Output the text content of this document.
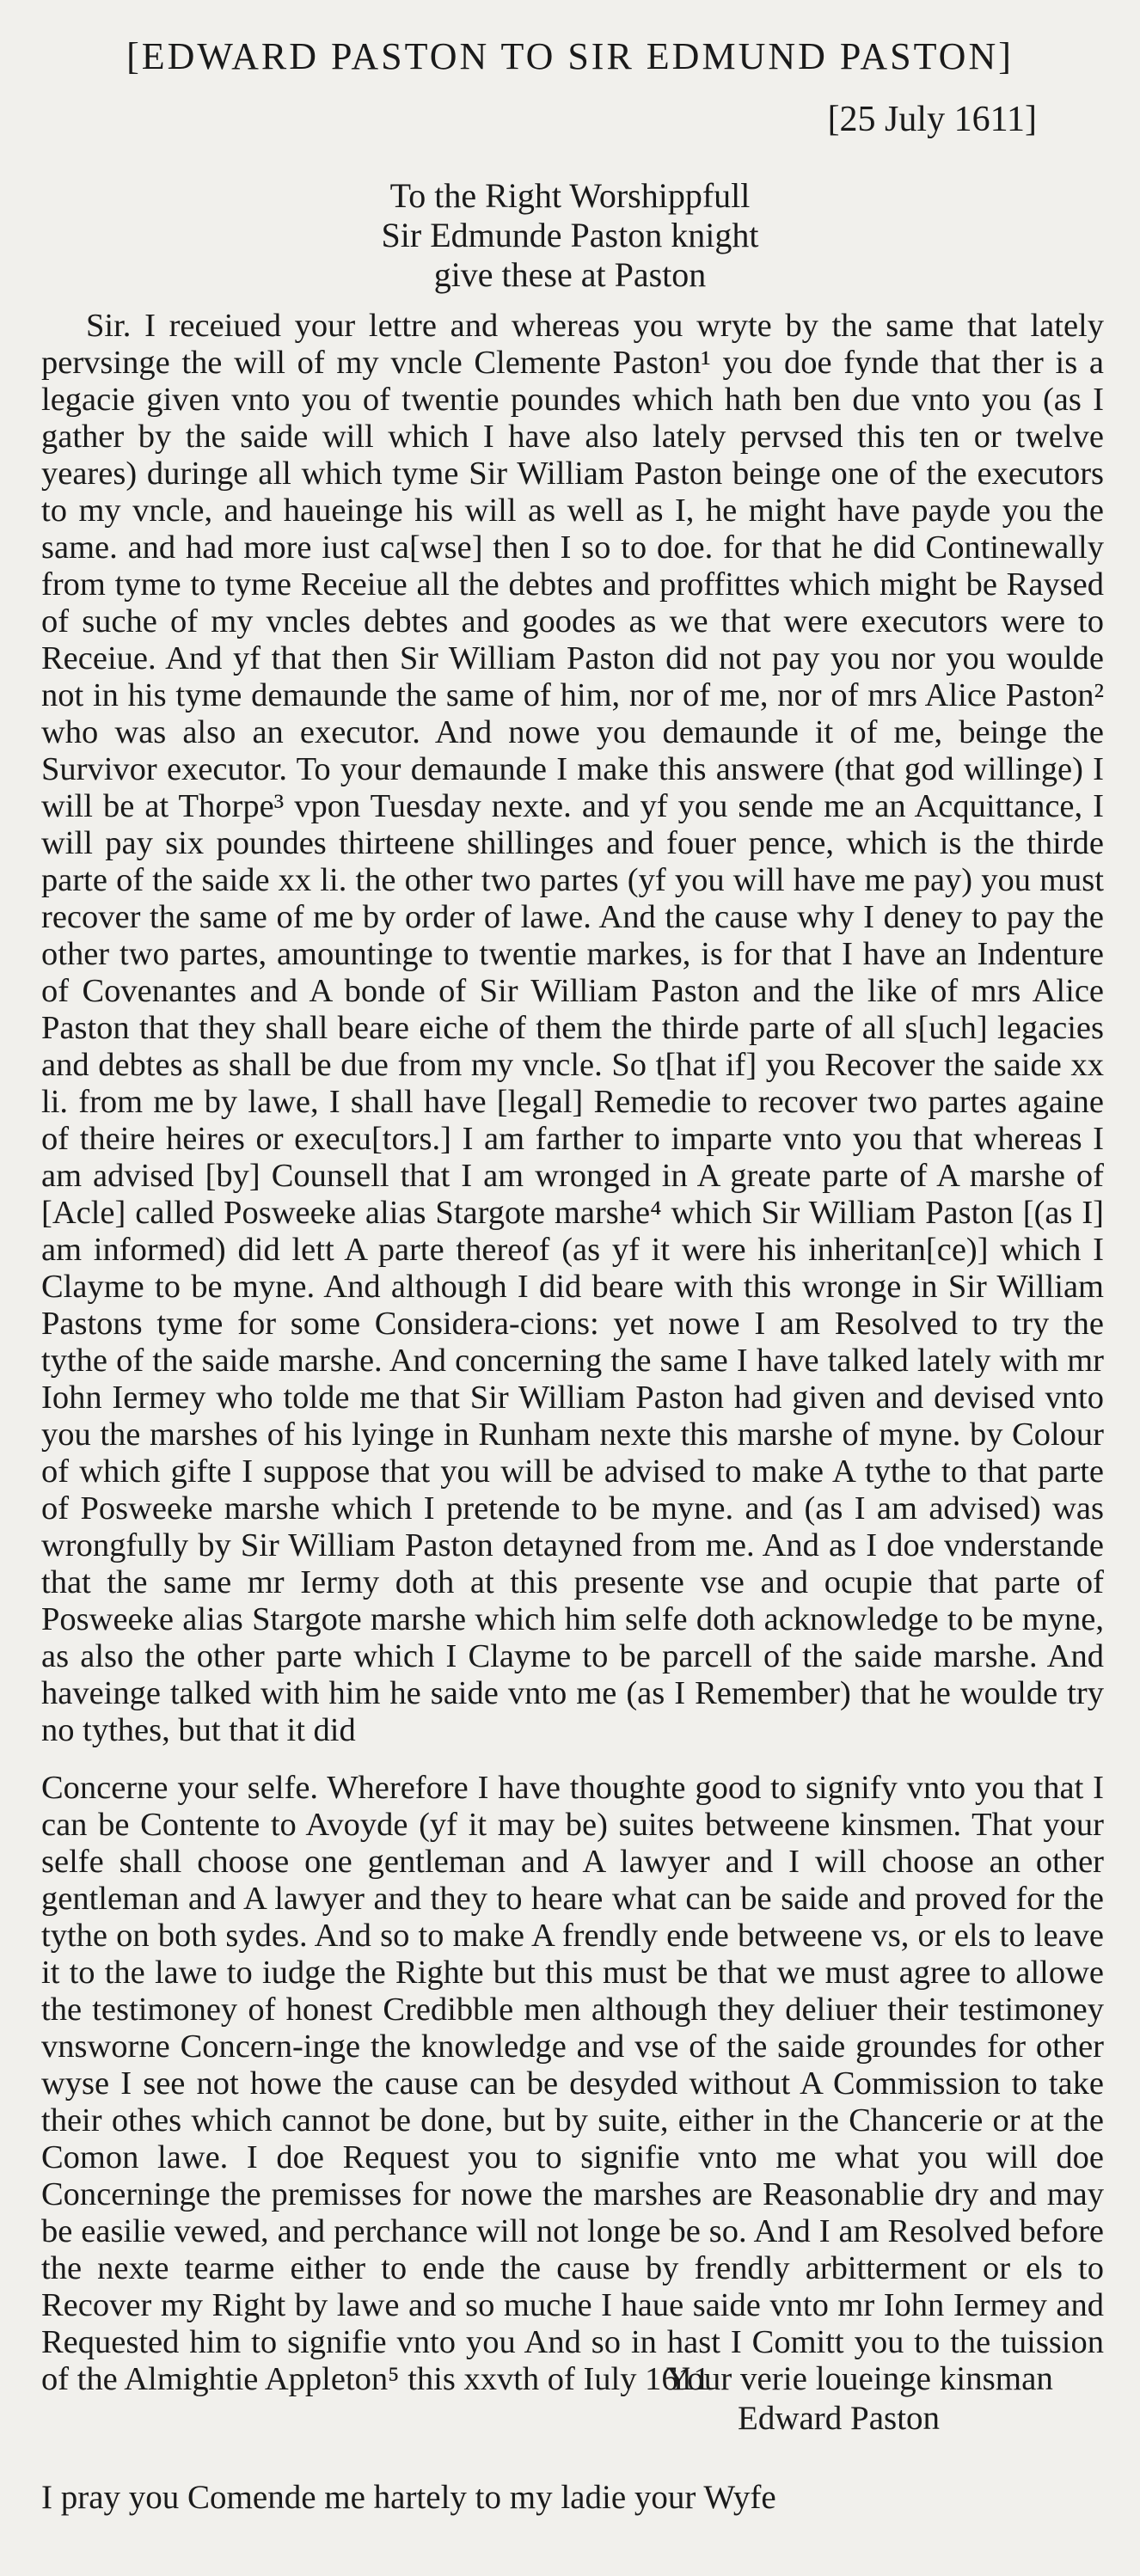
[EDWARD PASTON TO SIR EDMUND PASTON]
[25 July 1611]
To the Right Worshippfull
Sir Edmunde Paston knight
give these at Paston

Sir. I receiued your lettre and whereas you wryte by the same that lately pervsinge the will of my vncle Clemente Paston¹ you doe fynde that ther is a legacie given vnto you of twentie poundes which hath ben due vnto you (as I gather by the saide will which I have also lately pervsed this ten or twelve yeares) duringe all which tyme Sir William Paston beinge one of the executors to my vncle, and haueinge his will as well as I, he might have payde you the same. and had more iust ca[wse] then I so to doe. for that he did Continewally from tyme to tyme Receiue all the debtes and proffittes which might be Raysed of suche of my vncles debtes and goodes as we that were executors were to Receiue. And yf that then Sir William Paston did not pay you nor you woulde not in his tyme demaunde the same of him, nor of me, nor of mrs Alice Paston² who was also an executor. And nowe you demaunde it of me, beinge the Survivor executor. To your demaunde I make this answere (that god willinge) I will be at Thorpe³ vpon Tuesday nexte. and yf you sende me an Acquittance, I will pay six poundes thirteene shillinges and fouer pence, which is the thirde parte of the saide xx li. the other two partes (yf you will have me pay) you must recover the same of me by order of lawe. And the cause why I deney to pay the other two partes, amountinge to twentie markes, is for that I have an Indenture of Covenantes and A bonde of Sir William Paston and the like of mrs Alice Paston that they shall beare eiche of them the thirde parte of all s[uch] legacies and debtes as shall be due from my vncle. So t[hat if] you Recover the saide xx li. from me by lawe, I shall have [legal] Remedie to recover two partes againe of theire heires or execu[tors.] I am farther to imparte vnto you that whereas I am advised [by] Counsell that I am wronged in A greate parte of A marshe of [Acle] called Posweeke alias Stargote marshe⁴ which Sir William Paston [(as I] am informed) did lett A parte thereof (as yf it were his inheritan[ce)] which I Clayme to be myne. And although I did beare with this wronge in Sir William Pastons tyme for some Considera-cions: yet nowe I am Resolved to try the tythe of the saide marshe. And concerning the same I have talked lately with mr Iohn Iermey who tolde me that Sir William Paston had given and devised vnto you the marshes of his lyinge in Runham nexte this marshe of myne. by Colour of which gifte I suppose that you will be advised to make A tythe to that parte of Posweeke marshe which I pretende to be myne. and (as I am advised) was wrongfully by Sir William Paston detayned from me. And as I doe vnderstande that the same mr Iermy doth at this presente vse and ocupie that parte of Posweeke alias Stargote marshe which him selfe doth acknowledge to be myne, as also the other parte which I Clayme to be parcell of the saide marshe. And haveinge talked with him he saide vnto me (as I Remember) that he woulde try no tythes, but that it did

Concerne your selfe. Wherefore I have thoughte good to signify vnto you that I can be Contente to Avoyde (yf it may be) suites betweene kinsmen. That your selfe shall choose one gentleman and A lawyer and I will choose an other gentleman and A lawyer and they to heare what can be saide and proved for the tythe on both sydes. And so to make A frendly ende betweene vs, or els to leave it to the lawe to iudge the Righte but this must be that we must agree to allowe the testimoney of honest Credibble men although they deliuer their testimoney vnsworne Concern-inge the knowledge and vse of the saide groundes for other wyse I see not howe the cause can be desyded without A Commission to take their othes which cannot be done, but by suite, either in the Chancerie or at the Comon lawe. I doe Request you to signifie vnto me what you will doe Concerninge the premisses for nowe the marshes are Reasonablie dry and may be easilie vewed, and perchance will not longe be so. And I am Resolved before the nexte tearme either to ende the cause by frendly arbitterment or els to Recover my Right by lawe and so muche I haue saide vnto mr Iohn Iermey and Requested him to signifie vnto you And so in hast I Comitt you to the tuission of the Almightie Appleton⁵ this xxvth of Iuly 1611

Your verie loueinge kinsman
Edward Paston
I pray you Comende me hartely to my ladie your Wyfe
